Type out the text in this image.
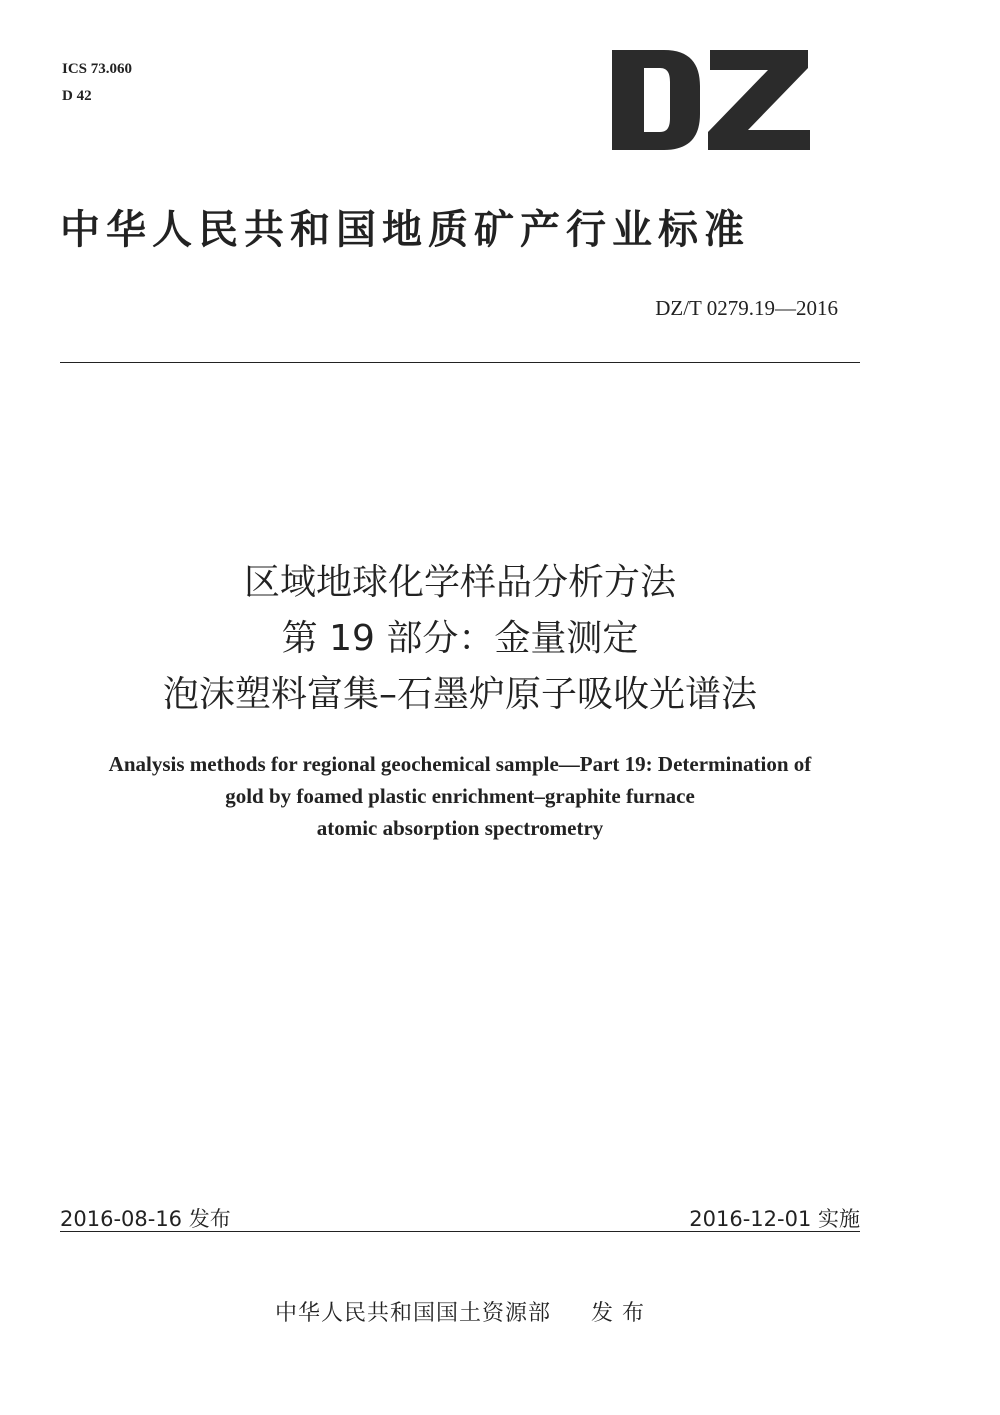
ICS 73.060
D 42
中华人民共和国地质矿产行业标准
DZ/T 0279.19—2016
区域地球化学样品分析方法
第 19 部分：金量测定
泡沫塑料富集–石墨炉原子吸收光谱法
Analysis methods for regional geochemical sample—Part 19: Determination of
gold by foamed plastic enrichment–graphite furnace
atomic absorption spectrometry
2016-08-16 发布	2016-12-01 实施
中华人民共和国国土资源部 发 布
